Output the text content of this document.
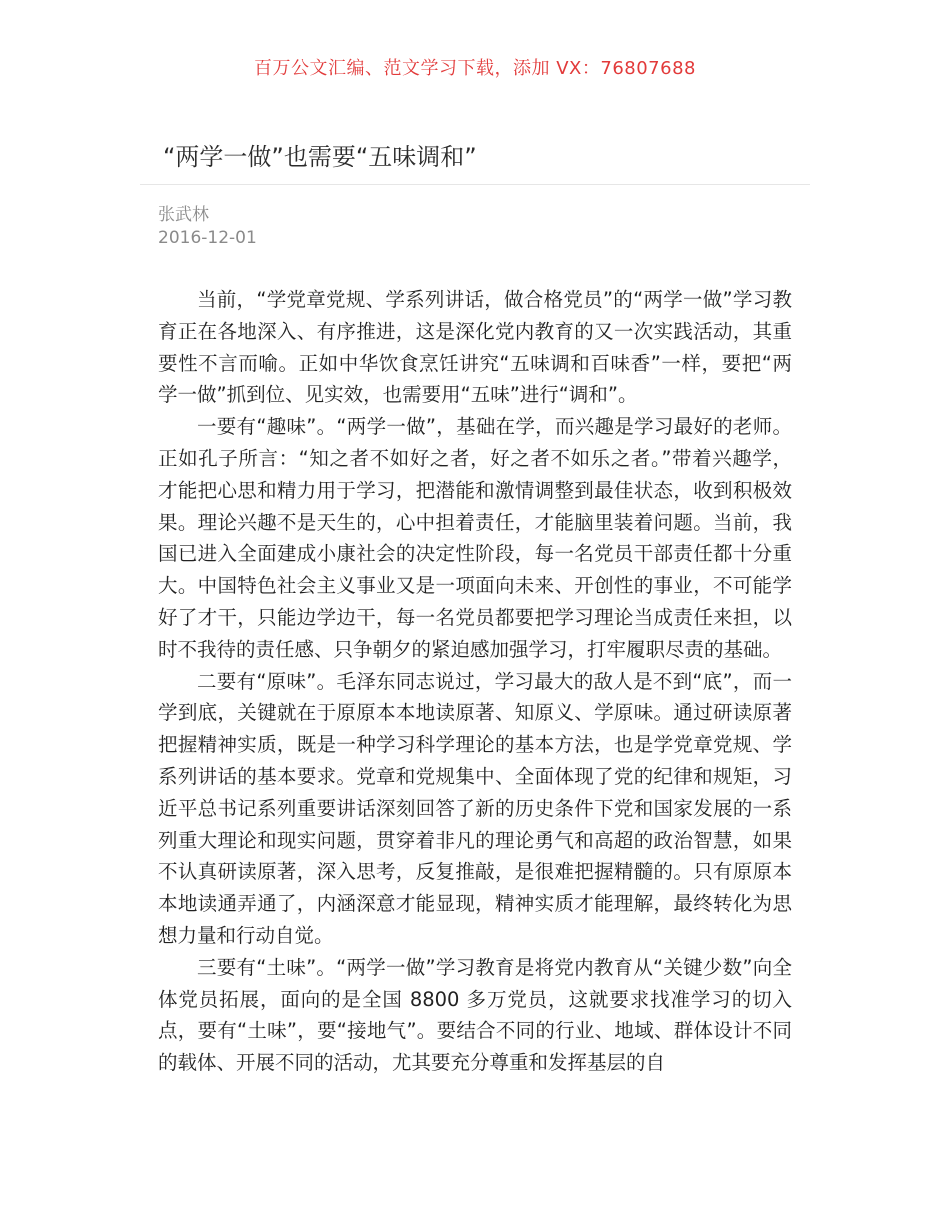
百万公文汇编、范文学习下载，添加 VX：76807688
“两学一做”也需要“五味调和”
张武林
2016-12-01

当前，“学党章党规、学系列讲话，做合格党员”的“两学一做”学习教育正在各地深入、有序推进，这是深化党内教育的又一次实践活动，其重要性不言而喻。正如中华饮食烹饪讲究“五味调和百味香”一样，要把“两学一做”抓到位、见实效，也需要用“五味”进行“调和”。

一要有“趣味”。“两学一做”，基础在学，而兴趣是学习最好的老师。正如孔子所言：“知之者不如好之者，好之者不如乐之者。”带着兴趣学，才能把心思和精力用于学习，把潜能和激情调整到最佳状态，收到积极效果。理论兴趣不是天生的，心中担着责任，才能脑里装着问题。当前，我国已进入全面建成小康社会的决定性阶段，每一名党员干部责任都十分重大。中国特色社会主义事业又是一项面向未来、开创性的事业，不可能学好了才干，只能边学边干，每一名党员都要把学习理论当成责任来担，以时不我待的责任感、只争朝夕的紧迫感加强学习，打牢履职尽责的基础。

二要有“原味”。毛泽东同志说过，学习最大的敌人是不到“底”，而一学到底，关键就在于原原本本地读原著、知原义、学原味。通过研读原著把握精神实质，既是一种学习科学理论的基本方法，也是学党章党规、学系列讲话的基本要求。党章和党规集中、全面体现了党的纪律和规矩，习近平总书记系列重要讲话深刻回答了新的历史条件下党和国家发展的一系列重大理论和现实问题，贯穿着非凡的理论勇气和高超的政治智慧，如果不认真研读原著，深入思考，反复推敲，是很难把握精髓的。只有原原本本地读通弄通了，内涵深意才能显现，精神实质才能理解，最终转化为思想力量和行动自觉。

三要有“土味”。“两学一做”学习教育是将党内教育从“关键少数”向全体党员拓展，面向的是全国 8800 多万党员，这就要求找准学习的切入点，要有“土味”，要“接地气”。要结合不同的行业、地域、群体设计不同的载体、开展不同的活动，尤其要充分尊重和发挥基层的自
